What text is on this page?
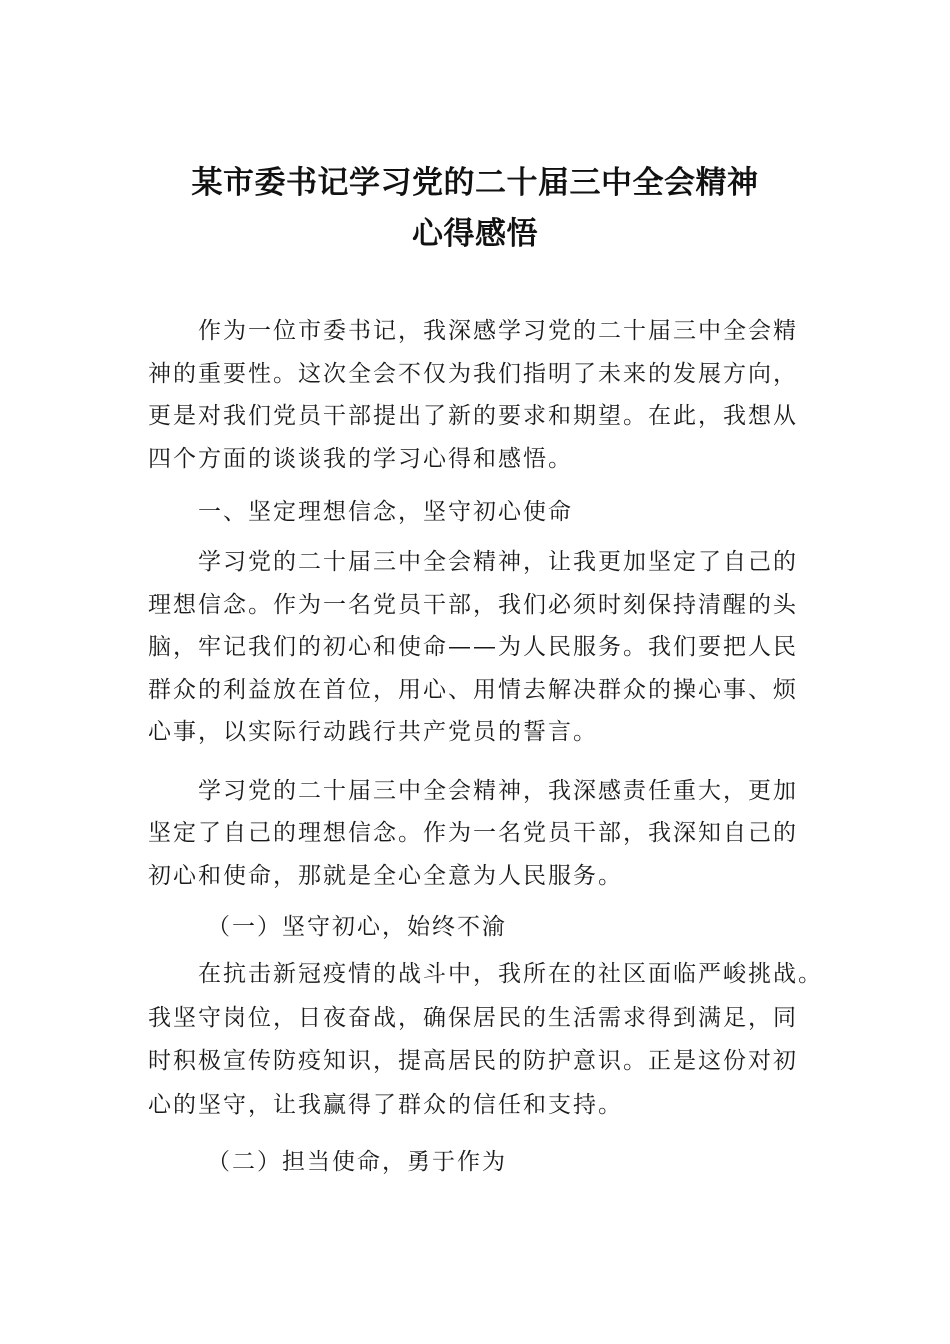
某市委书记学习党的二十届三中全会精神
心得感悟
作为一位市委书记，我深感学习党的二十届三中全会精
神的重要性。这次全会不仅为我们指明了未来的发展方向，
更是对我们党员干部提出了新的要求和期望。在此，我想从
四个方面的谈谈我的学习心得和感悟。
一、坚定理想信念，坚守初心使命
学习党的二十届三中全会精神，让我更加坚定了自己的
理想信念。作为一名党员干部，我们必须时刻保持清醒的头
脑，牢记我们的初心和使命——为人民服务。我们要把人民
群众的利益放在首位，用心、用情去解决群众的操心事、烦
心事，以实际行动践行共产党员的誓言。
学习党的二十届三中全会精神，我深感责任重大，更加
坚定了自己的理想信念。作为一名党员干部，我深知自己的
初心和使命，那就是全心全意为人民服务。
（一）坚守初心，始终不渝
在抗击新冠疫情的战斗中，我所在的社区面临严峻挑战。
我坚守岗位，日夜奋战，确保居民的生活需求得到满足，同
时积极宣传防疫知识，提高居民的防护意识。正是这份对初
心的坚守，让我赢得了群众的信任和支持。
（二）担当使命，勇于作为
